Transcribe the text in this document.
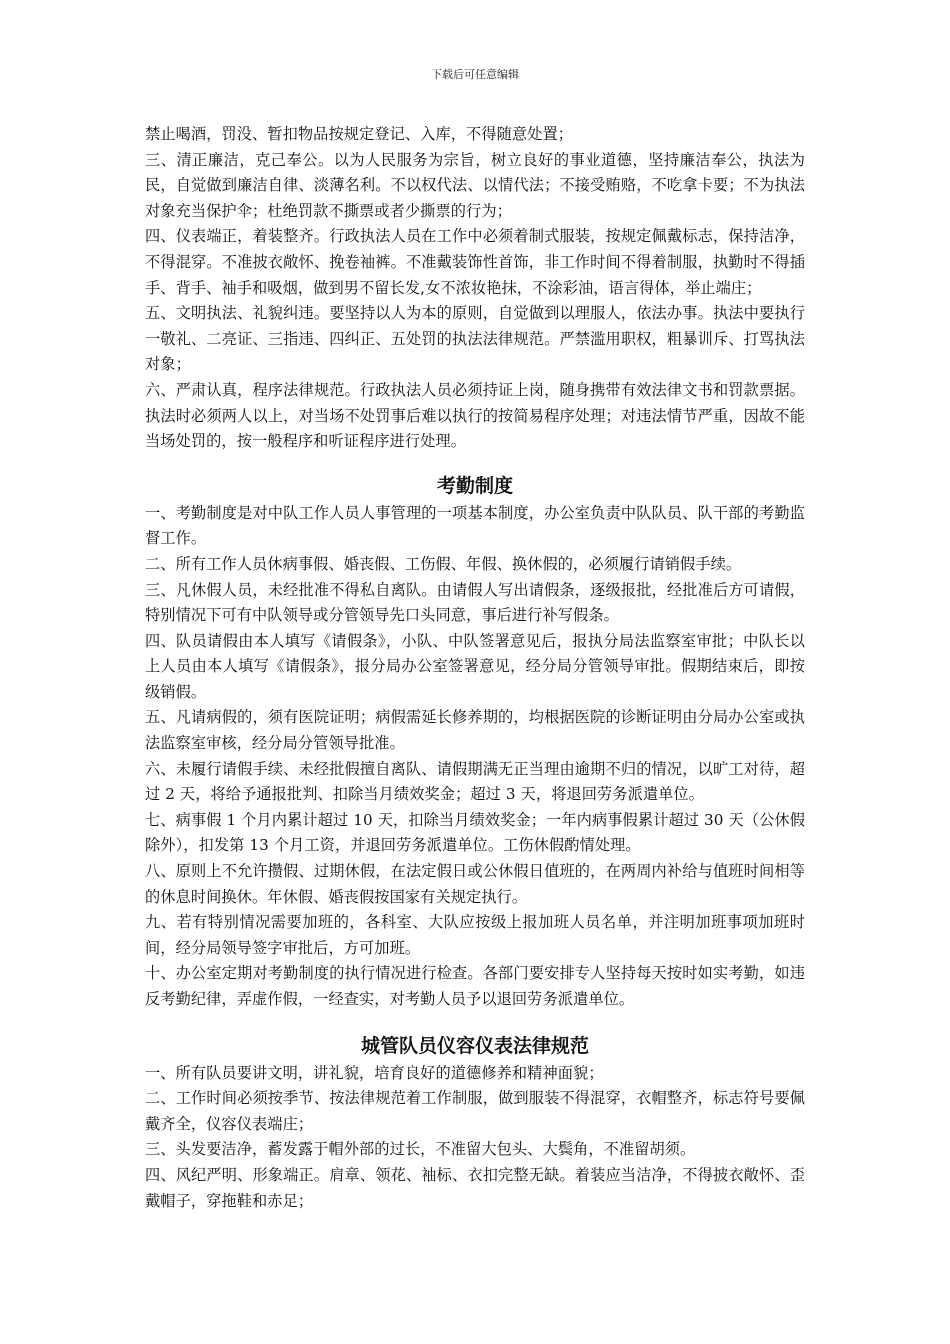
下载后可任意编辑

禁止喝酒，罚没、暂扣物品按规定登记、入库，不得随意处置；

三、清正廉洁，克己奉公。以为人民服务为宗旨，树立良好的事业道德，坚持廉洁奉公，执法为民，自觉做到廉洁自律、淡薄名利。不以权代法、以情代法；不接受贿赂，不吃拿卡要；不为执法对象充当保护伞；杜绝罚款不撕票或者少撕票的行为；

四、仪表端正，着装整齐。行政执法人员在工作中必须着制式服装，按规定佩戴标志，保持洁净，不得混穿。不准披衣敞怀、挽卷袖裤。不准戴装饰性首饰，非工作时间不得着制服，执勤时不得插手、背手、袖手和吸烟，做到男不留长发,女不浓妆艳抹，不涂彩油，语言得体，举止端庄；

五、文明执法、礼貌纠违。要坚持以人为本的原则，自觉做到以理服人，依法办事。执法中要执行一敬礼、二亮证、三指违、四纠正、五处罚的执法法律规范。严禁滥用职权，粗暴训斥、打骂执法对象；

六、严肃认真，程序法律规范。行政执法人员必须持证上岗，随身携带有效法律文书和罚款票据。执法时必须两人以上，对当场不处罚事后难以执行的按简易程序处理；对违法情节严重，因故不能当场处罚的，按一般程序和听证程序进行处理。

考勤制度

一、考勤制度是对中队工作人员人事管理的一项基本制度，办公室负责中队队员、队干部的考勤监督工作。

二、所有工作人员休病事假、婚丧假、工伤假、年假、换休假的，必须履行请销假手续。

三、凡休假人员，未经批准不得私自离队。由请假人写出请假条，逐级报批，经批准后方可请假，特别情况下可有中队领导或分管领导先口头同意，事后进行补写假条。

四、队员请假由本人填写《请假条》，小队、中队签署意见后，报执分局法监察室审批；中队长以上人员由本人填写《请假条》，报分局办公室签署意见，经分局分管领导审批。假期结束后，即按级销假。

五、凡请病假的，须有医院证明；病假需延长修养期的，均根据医院的诊断证明由分局办公室或执法监察室审核，经分局分管领导批准。

六、未履行请假手续、未经批假擅自离队、请假期满无正当理由逾期不归的情况，以旷工对待，超过 2 天，将给予通报批判、扣除当月绩效奖金；超过 3 天，将退回劳务派遣单位。

七、病事假 1 个月内累计超过 10 天，扣除当月绩效奖金；一年内病事假累计超过 30 天（公休假除外），扣发第 13 个月工资，并退回劳务派遣单位。工伤休假酌情处理。

八、原则上不允许攒假、过期休假，在法定假日或公休假日值班的，在两周内补给与值班时间相等的休息时间换休。年休假、婚丧假按国家有关规定执行。

九、若有特别情况需要加班的，各科室、大队应按级上报加班人员名单，并注明加班事项加班时间，经分局领导签字审批后，方可加班。

十、办公室定期对考勤制度的执行情况进行检查。各部门要安排专人坚持每天按时如实考勤，如违反考勤纪律，弄虚作假，一经查实，对考勤人员予以退回劳务派遣单位。

城管队员仪容仪表法律规范

一、所有队员要讲文明，讲礼貌，培育良好的道德修养和精神面貌；

二、工作时间必须按季节、按法律规范着工作制服，做到服装不得混穿，衣帽整齐，标志符号要佩戴齐全，仪容仪表端庄；

三、头发要洁净，蓄发露于帽外部的过长，不准留大包头、大鬓角，不准留胡须。

四、风纪严明、形象端正。肩章、领花、袖标、衣扣完整无缺。着装应当洁净，不得披衣敞怀、歪戴帽子，穿拖鞋和赤足；
